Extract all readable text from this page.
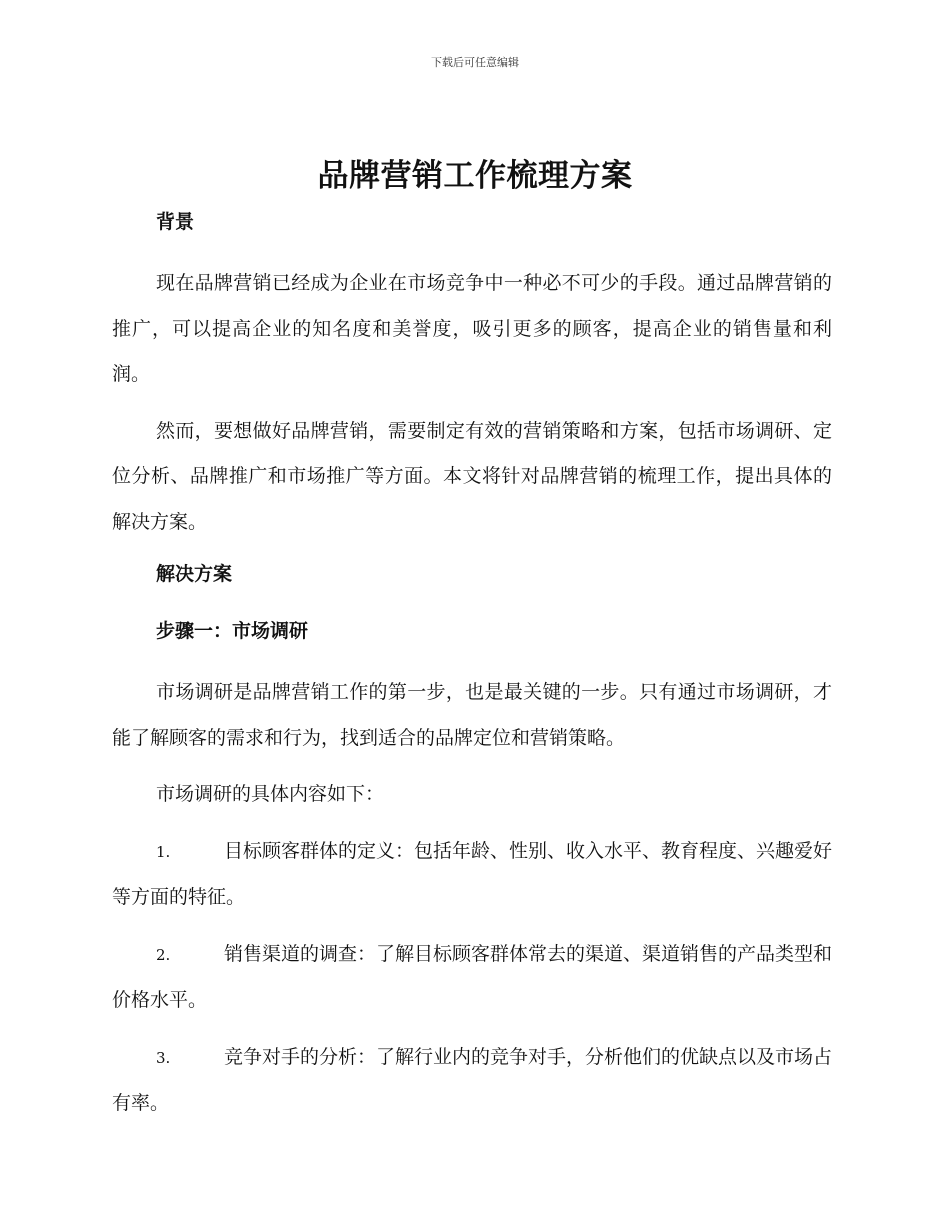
下载后可任意编辑
品牌营销工作梳理方案
背景

现在品牌营销已经成为企业在市场竞争中一种必不可少的手段。通过品牌营销的推广，可以提高企业的知名度和美誉度，吸引更多的顾客，提高企业的销售量和利润。

然而，要想做好品牌营销，需要制定有效的营销策略和方案，包括市场调研、定位分析、品牌推广和市场推广等方面。本文将针对品牌营销的梳理工作，提出具体的解决方案。

解决方案
步骤一：市场调研

市场调研是品牌营销工作的第一步，也是最关键的一步。只有通过市场调研，才能了解顾客的需求和行为，找到适合的品牌定位和营销策略。

市场调研的具体内容如下：

1.	目标顾客群体的定义：包括年龄、性别、收入水平、教育程度、兴趣爱好等方面的特征。

2.	销售渠道的调查：了解目标顾客群体常去的渠道、渠道销售的产品类型和价格水平。

3.	竞争对手的分析：了解行业内的竞争对手，分析他们的优缺点以及市场占有率。
